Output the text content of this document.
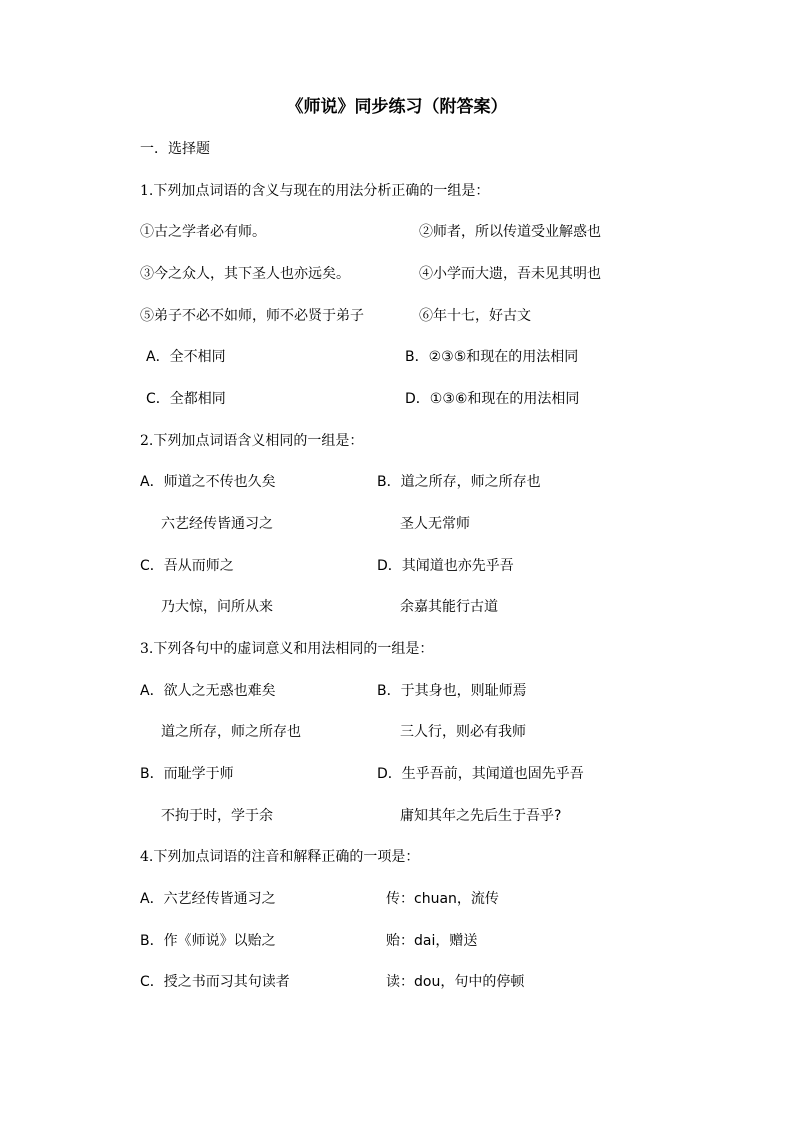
《师说》同步练习（附答案）
一．选择题
1.下列加点词语的含义与现在的用法分析正确的一组是：
①古之学者必有师。	②师者，所以传道受业解惑也
③今之众人，其下圣人也亦远矣。	④小学而大遗，吾未见其明也
⑤弟子不必不如师，师不必贤于弟子	⑥年十七，好古文
A．全不相同	B．②③⑤和现在的用法相同
C．全都相同	D．①③⑥和现在的用法相同
2.下列加点词语含义相同的一组是：
A．师道之不传也久矣	B．道之所存，师之所存也
六艺经传皆通习之	圣人无常师
C．吾从而师之	D．其闻道也亦先乎吾
乃大惊，问所从来	余嘉其能行古道
3.下列各句中的虚词意义和用法相同的一组是：
A．欲人之无惑也难矣	B．于其身也，则耻师焉
道之所存，师之所存也	三人行，则必有我师
B．而耻学于师	D．生乎吾前，其闻道也固先乎吾
不拘于时，学于余	庸知其年之先后生于吾乎?
4.下列加点词语的注音和解释正确的一项是：
A．六艺经传皆通习之	传：chuan，流传
B．作《师说》以贻之	贻：dai，赠送
C．授之书而习其句读者	读：dou，句中的停顿
